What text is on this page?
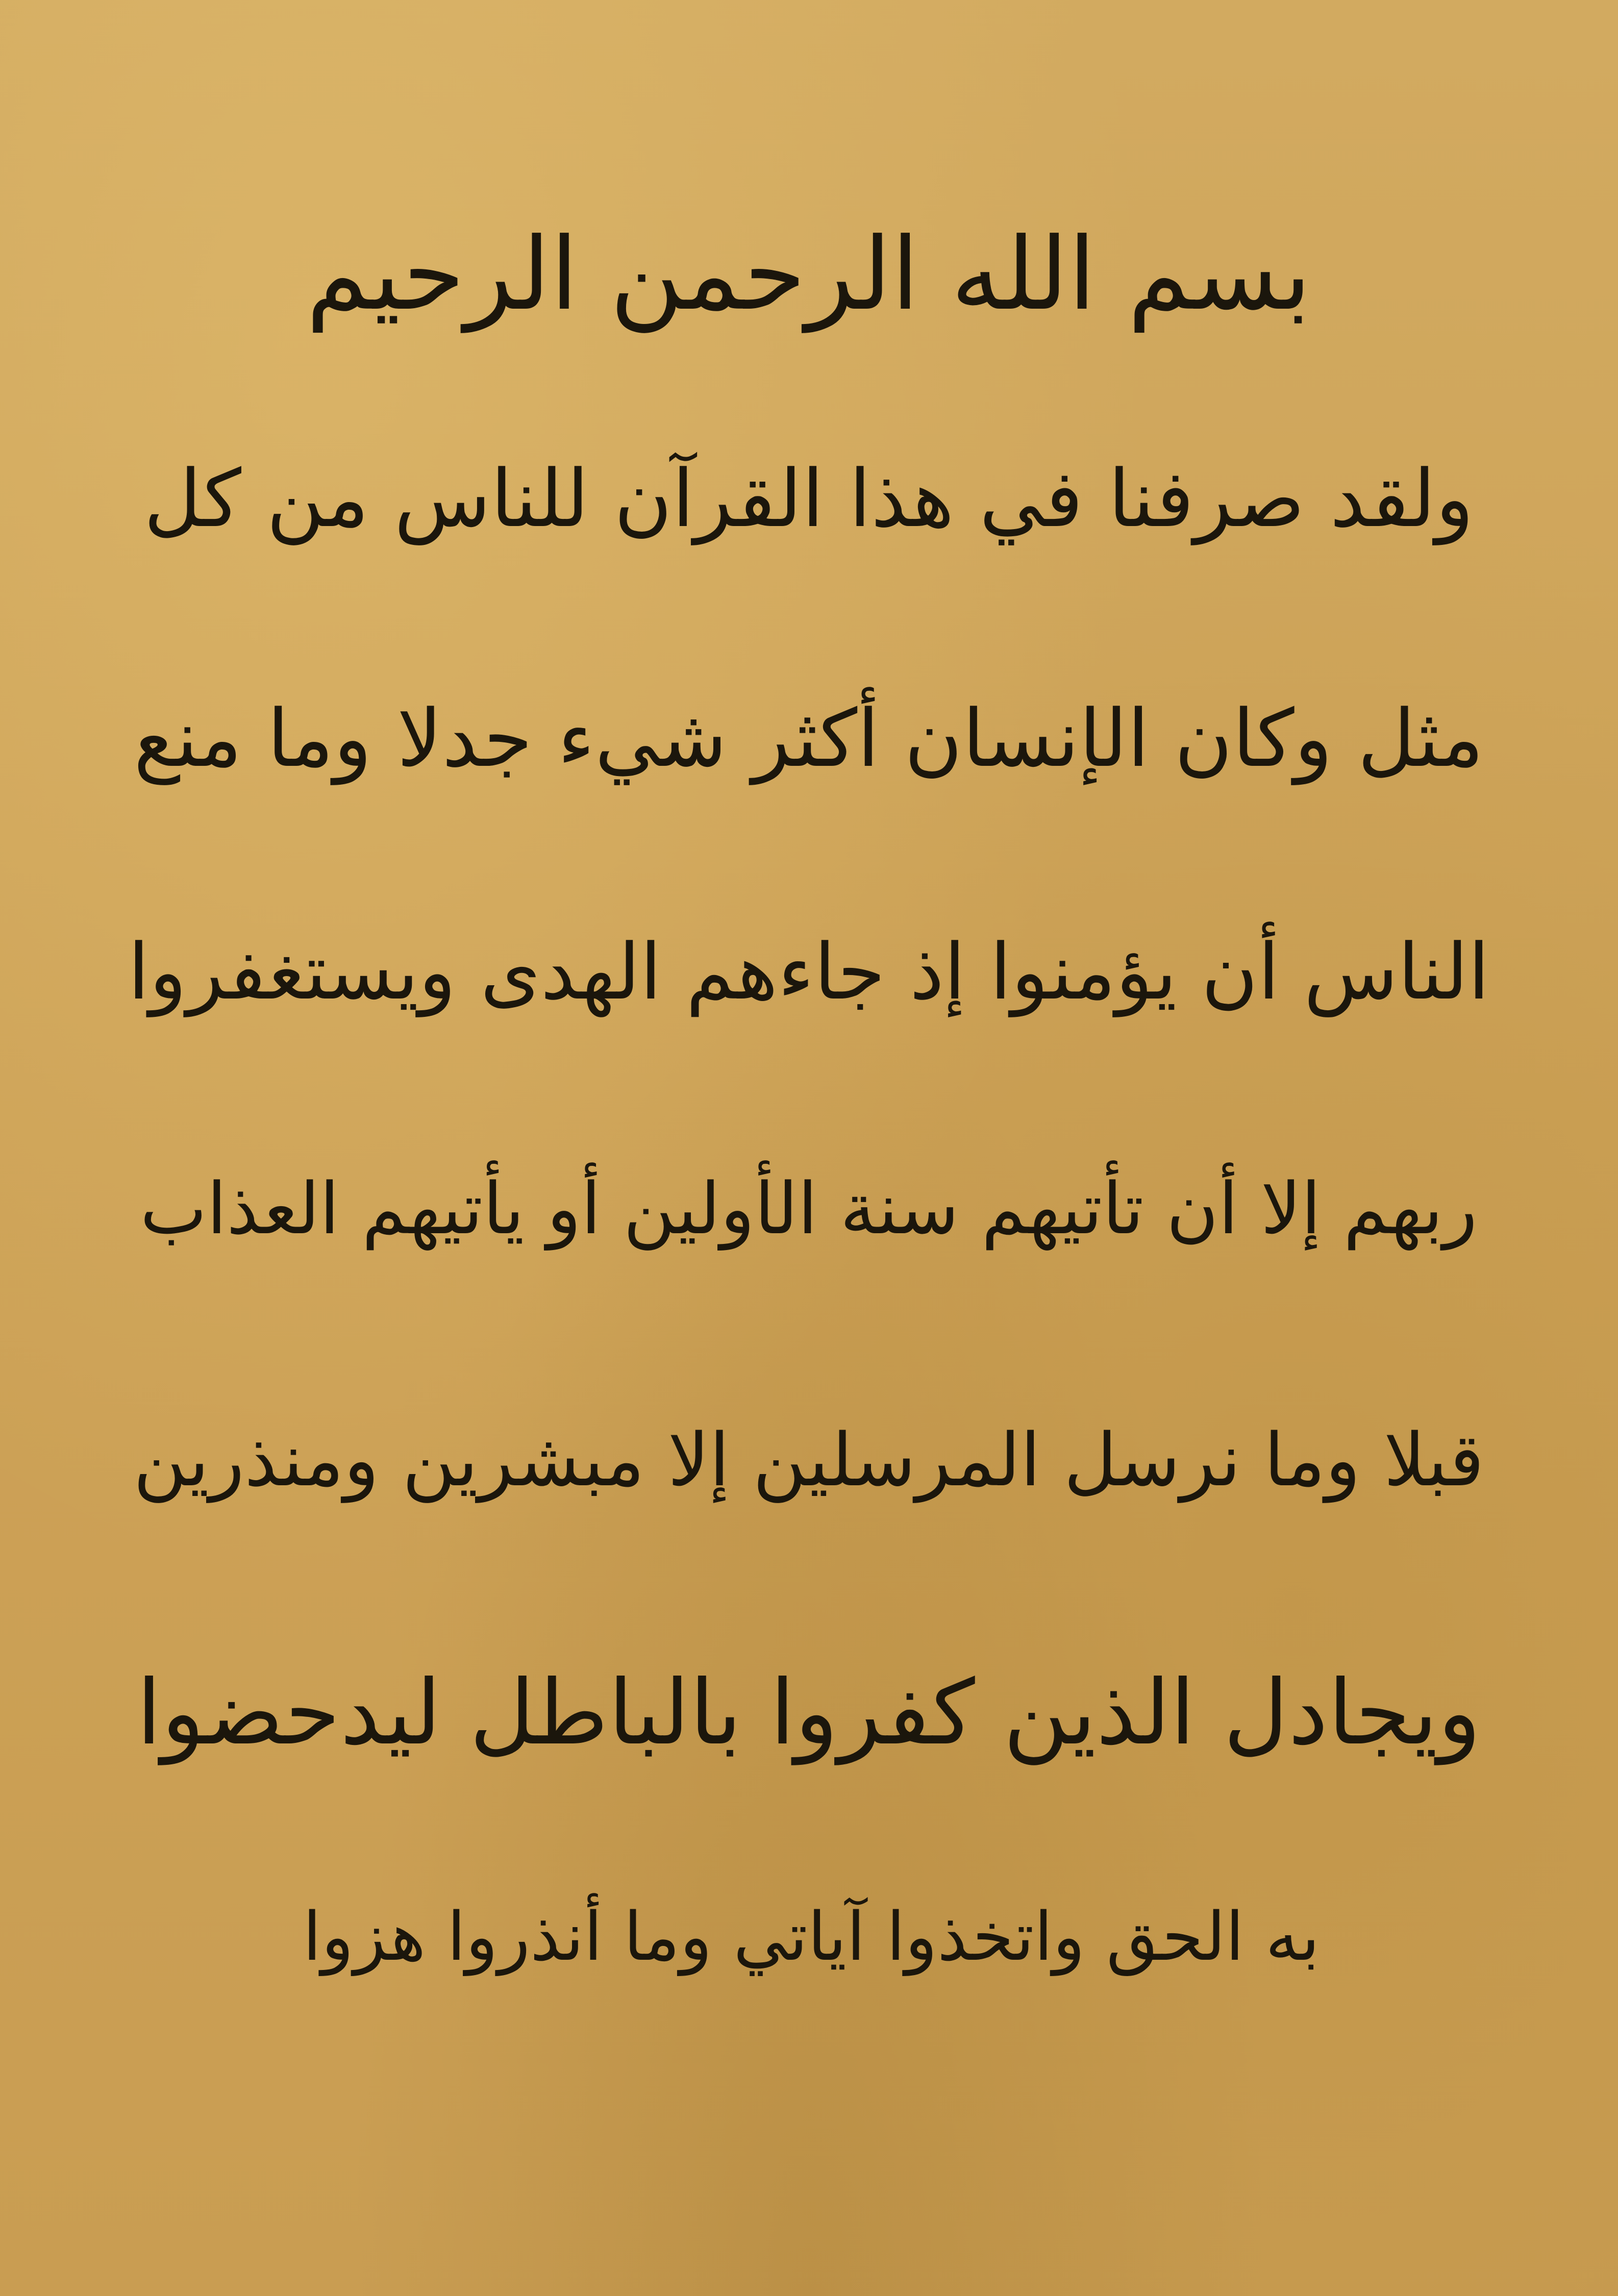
بسم الله الرحمن الرحيم
ولقد صرفنا في هذا القرآن للناس من كل
مثل وكان الإنسان أكثر شيء جدلا وما منع
الناس أن يؤمنوا إذ جاءهم الهدى ويستغفروا
ربهم إلا أن تأتيهم سنة الأولين أو يأتيهم العذاب
قبلا وما نرسل المرسلين إلا مبشرين ومنذرين
ويجادل الذين كفروا بالباطل ليدحضوا
به الحق واتخذوا آياتي وما أنذروا هزوا
